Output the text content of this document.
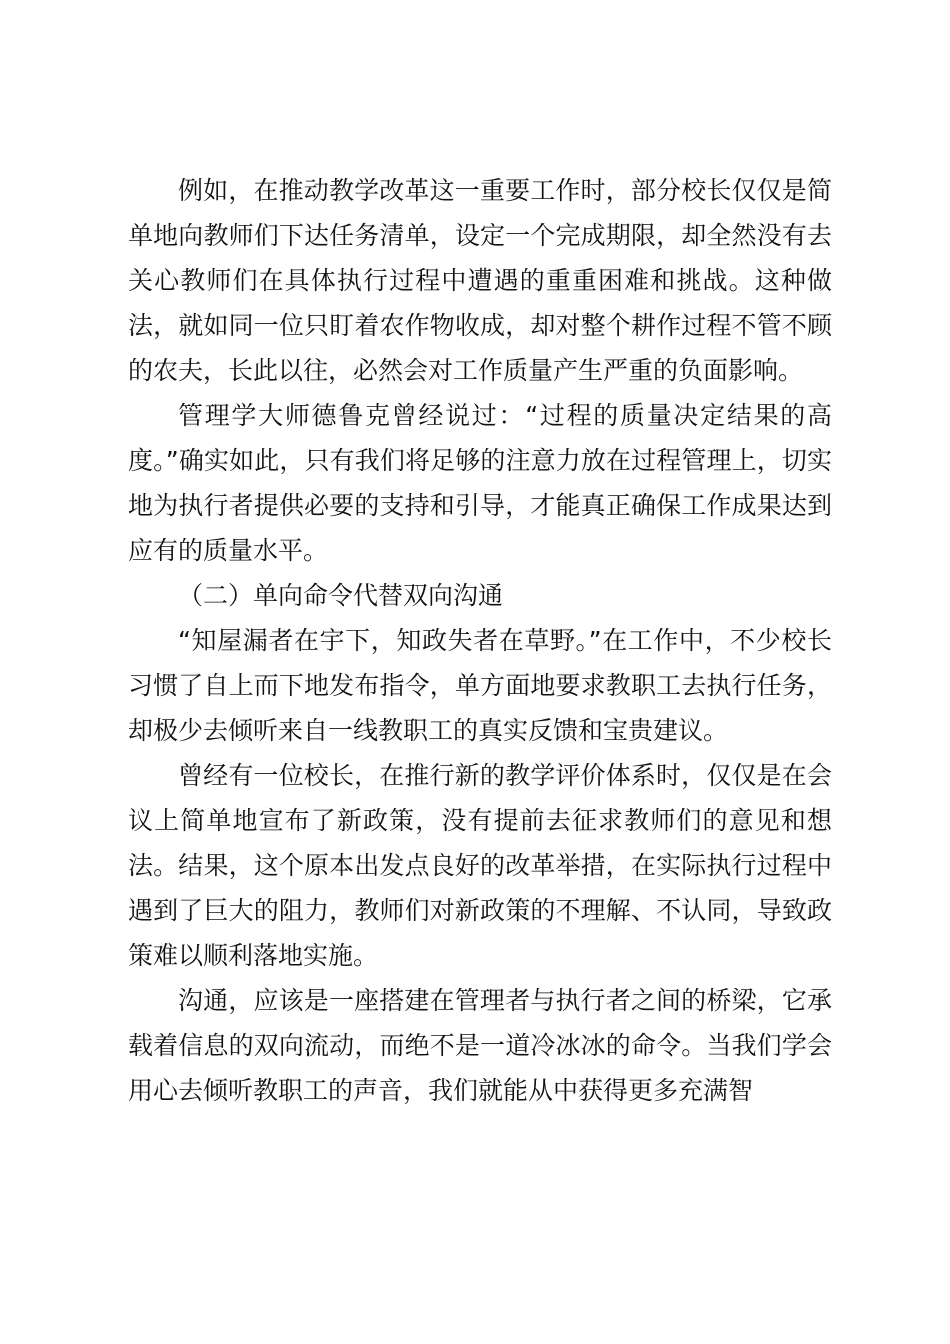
例如，在推动教学改革这一重要工作时，部分校长仅仅是简单地向教师们下达任务清单，设定一个完成期限，却全然没有去关心教师们在具体执行过程中遭遇的重重困难和挑战。这种做法，就如同一位只盯着农作物收成，却对整个耕作过程不管不顾的农夫，长此以往，必然会对工作质量产生严重的负面影响。

管理学大师德鲁克曾经说过：“过程的质量决定结果的高度。”确实如此，只有我们将足够的注意力放在过程管理上，切实地为执行者提供必要的支持和引导，才能真正确保工作成果达到应有的质量水平。

（二）单向命令代替双向沟通

“知屋漏者在宇下，知政失者在草野。”在工作中，不少校长习惯了自上而下地发布指令，单方面地要求教职工去执行任务，却极少去倾听来自一线教职工的真实反馈和宝贵建议。

曾经有一位校长，在推行新的教学评价体系时，仅仅是在会议上简单地宣布了新政策，没有提前去征求教师们的意见和想法。结果，这个原本出发点良好的改革举措，在实际执行过程中遇到了巨大的阻力，教师们对新政策的不理解、不认同，导致政策难以顺利落地实施。

沟通，应该是一座搭建在管理者与执行者之间的桥梁，它承载着信息的双向流动，而绝不是一道冷冰冰的命令。当我们学会用心去倾听教职工的声音，我们就能从中获得更多充满智
